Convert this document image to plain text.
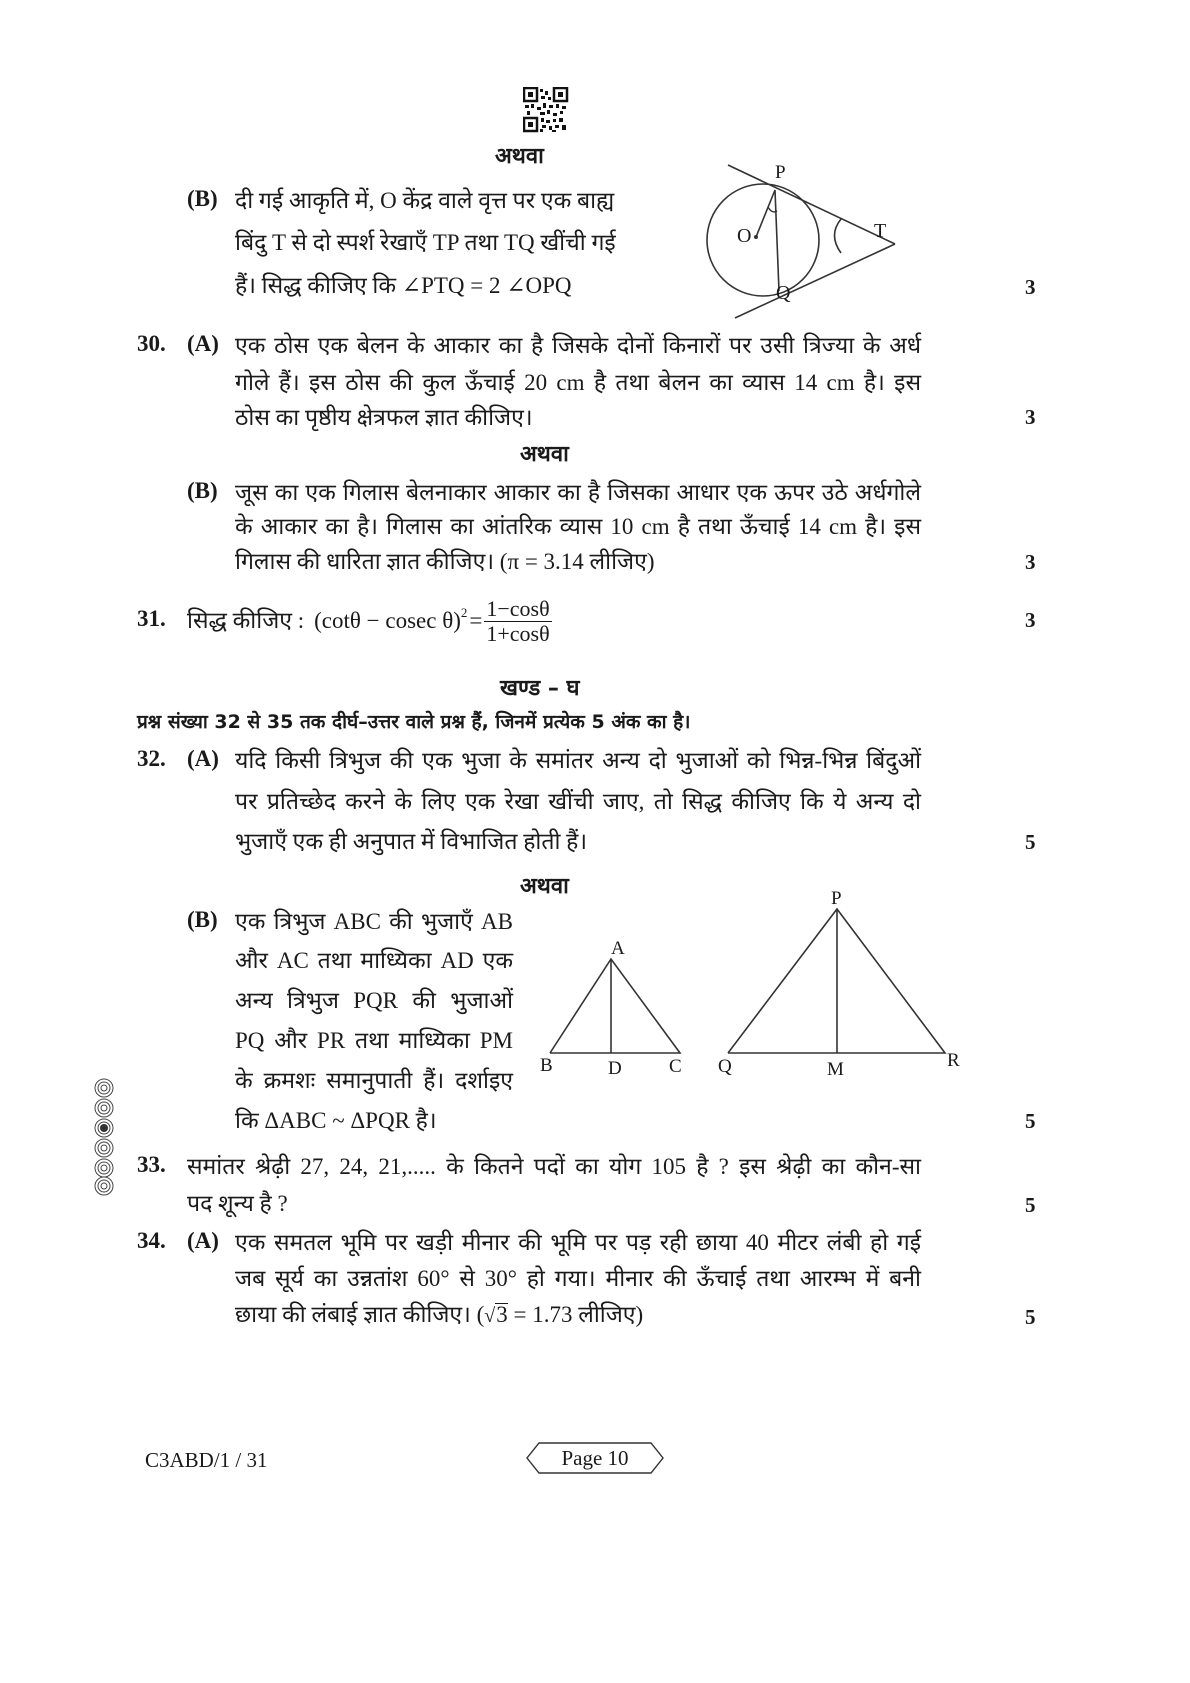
अथवा
(B) दी गई आकृति में, O केंद्र वाले वृत्त पर एक बाह्य
बिंदु T से दो स्पर्श रेखाएँ TP तथा TQ खींची गई
हैं। सिद्ध कीजिए कि ∠PTQ = 2 ∠OPQ	3
P
O	T
Q
30. (A) एक ठोस एक बेलन के आकार का है जिसके दोनों किनारों पर उसी त्रिज्या के अर्ध
गोले हैं। इस ठोस की कुल ऊँचाई 20 cm है तथा बेलन का व्यास 14 cm है। इस
ठोस का पृष्ठीय क्षेत्रफल ज्ञात कीजिए।	3
अथवा
(B) जूस का एक गिलास बेलनाकार आकार का है जिसका आधार एक ऊपर उठे अर्धगोले
के आकार का है। गिलास का आंतरिक व्यास 10 cm है तथा ऊँचाई 14 cm है। इस
गिलास की धारिता ज्ञात कीजिए। (π = 3.14 लीजिए)	3
31. सिद्ध कीजिए : (cotθ − cosec $\theta)^2 = \frac{1-\cos\theta}{1+\cos\theta}$	3
खण्ड – घ
प्रश्न संख्या 32 से 35 तक दीर्घ–उत्तर वाले प्रश्न हैं, जिनमें प्रत्येक 5 अंक का है।
32. (A) यदि किसी त्रिभुज की एक भुजा के समांतर अन्य दो भुजाओं को भिन्न-भिन्न बिंदुओं
पर प्रतिच्छेद करने के लिए एक रेखा खींची जाए, तो सिद्ध कीजिए कि ये अन्य दो
भुजाएँ एक ही अनुपात में विभाजित होती हैं।	5
अथवा
(B) एक त्रिभुज ABC की भुजाएँ AB
और AC तथा माध्यिका AD एक
अन्य त्रिभुज PQR की भुजाओं
PQ और PR तथा माध्यिका PM
के क्रमशः समानुपाती हैं। दर्शाइए
कि ΔABC ~ ΔPQR है।	5
A
B	D C
P
Q	M	R
33. समांतर श्रेढ़ी 27, 24, 21,..... के कितने पदों का योग 105 है ? इस श्रेढ़ी का कौन-सा
पद शून्य है ?	5
34. (A) एक समतल भूमि पर खड़ी मीनार की भूमि पर पड़ रही छाया 40 मीटर लंबी हो गई
जब सूर्य का उन्नतांश 60° से 30° हो गया। मीनार की ऊँचाई तथा आरम्भ में बनी
छाया की लंबाई ज्ञात कीजिए। (√3 = 1.73 लीजिए)	5
C3ABD/1 / 31	Page 10
